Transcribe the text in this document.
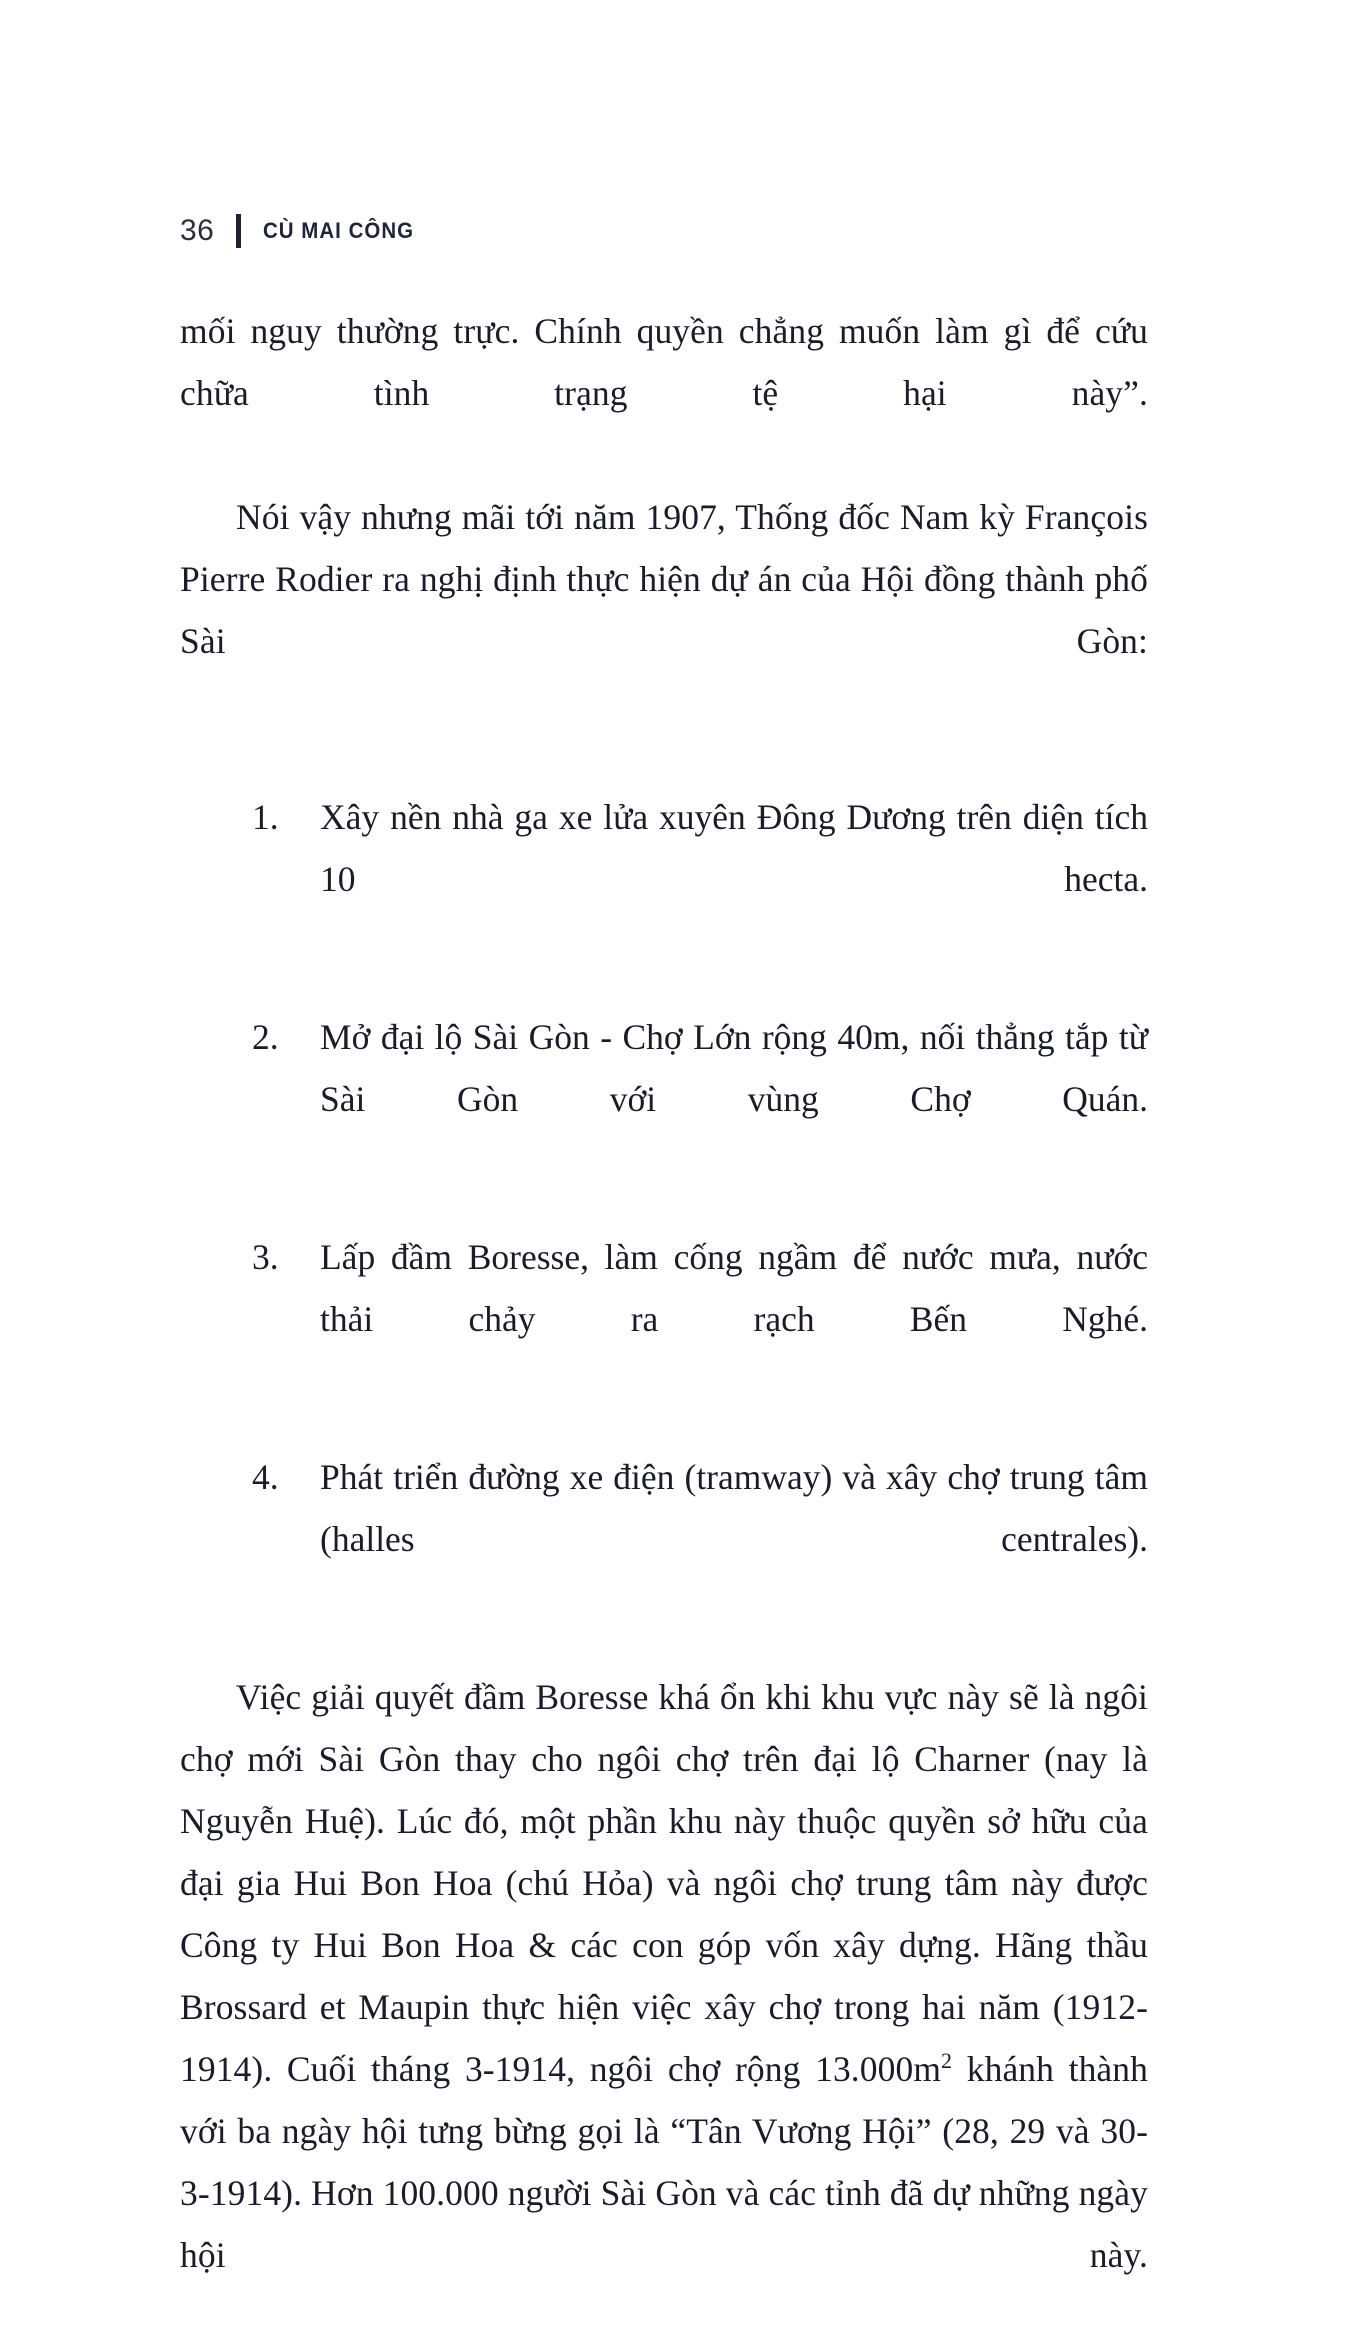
36 CÙ MAI CÔNG

mối nguy thường trực. Chính quyền chẳng muốn làm gì để cứu chữa tình trạng tệ hại này”.

Nói vậy nhưng mãi tới năm 1907, Thống đốc Nam kỳ François Pierre Rodier ra nghị định thực hiện dự án của Hội đồng thành phố Sài Gòn:

1.	Xây nền nhà ga xe lửa xuyên Đông Dương trên diện tích 10 hecta.
2.	Mở đại lộ Sài Gòn - Chợ Lớn rộng 40m, nối thẳng tắp từ Sài Gòn với vùng Chợ Quán.
3.	Lấp đầm Boresse, làm cống ngầm để nước mưa, nước thải chảy ra rạch Bến Nghé.
4.	Phát triển đường xe điện (tramway) và xây chợ trung tâm (halles centrales).

Việc giải quyết đầm Boresse khá ổn khi khu vực này sẽ là ngôi chợ mới Sài Gòn thay cho ngôi chợ trên đại lộ Charner (nay là Nguyễn Huệ). Lúc đó, một phần khu này thuộc quyền sở hữu của đại gia Hui Bon Hoa (chú Hỏa) và ngôi chợ trung tâm này được Công ty Hui Bon Hoa & các con góp vốn xây dựng. Hãng thầu Brossard et Maupin thực hiện việc xây chợ trong hai năm (1912-1914). Cuối tháng 3-1914, ngôi chợ rộng $13.000m^2$ khánh thành với ba ngày hội tưng bừng gọi là “Tân Vương Hội” (28, 29 và 30-3-1914). Hơn 100.000 người Sài Gòn và các tỉnh đã dự những ngày hội này.
